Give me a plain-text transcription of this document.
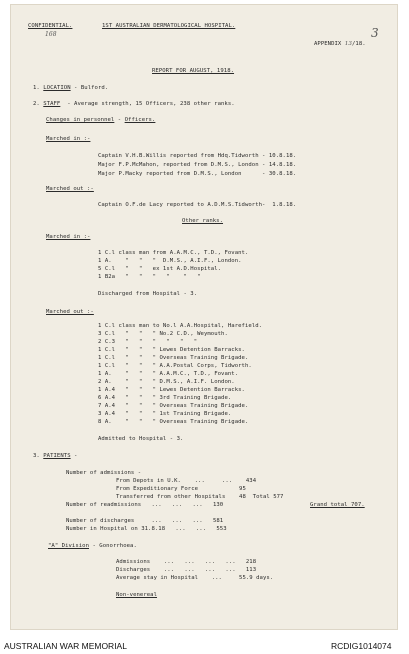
CONFIDENTIAL.	1ST AUSTRALIAN DERMATOLOGICAL HOSPITAL.	3
168
APPENDIX 13/18.
REPORT FOR AUGUST, 1918.
1. LOCATION - Bulford.
2. STAFF - Average strength, 15 Officers, 238 other ranks.
Changes in personnel - Officers.
Marched in :-
Captain V.H.B.Willis reported from Hdq.Tidworth - 10.8.18.
Major F.P.McMahon, reported from D.M.S., London - 14.8.18.
Major P.Macky reported from D.M.S., London      - 30.8.18.
Marched out :-
Captain O.F.de Lacy reported to A.D.M.S.Tidworth-  1.8.18.
Other ranks.
Marched in :-
1 C.l class man from A.A.M.C., T.D., Fovant.
1 A.    "   "   "  D.M.S., A.I.F., London.
5 C.l   "   "   ex 1st A.D.Hospital.
1 B2a   "   "   "   "    "   "
Discharged from Hospital - 3.
Marched out :-
1 C.l class man to No.l A.A.Hospital, Harefield.
3 C.l   "   "   " No.2 C.D., Weymouth.
2 C.3   "   "   "   "   "   "
1 C.l   "   "   " Lewes Detention Barracks.
1 C.l   "   "   " Overseas Training Brigade.
1 C.l   "   "   " A.A.Postal Corps, Tidworth.
1 A.    "   "   " A.A.M.C., T.D., Fovant.
2 A.    "   "   " D.M.S., A.I.F. London.
1 A.4   "   "   " Lewes Detention Barracks.
6 A.4   "   "   " 3rd Training Brigade.
7 A.4   "   "   " Overseas Training Brigade.
3 A.4   "   "   " 1st Training Brigade.
8 A.    "   "   " Overseas Training Brigade.
Admitted to Hospital - 3.
3. PATIENTS -
Number of admissions -
From Depots in U.K.    ...     ...    434
From Expeditionary Force            95
Transferred from other Hospitals    48  Total 577
Number of readmissions   ...   ...   ...   130	Grand total 707.
Number of discharges     ...   ...   ...   581
Number in Hospital on 31.8.18   ...   ...   553
"A" Division - Gonorrhoea.
Admissions    ...   ...   ...   ...   218
Discharges    ...   ...   ...   ...   113
Average stay in Hospital    ...     55.9 days.
Non-venereal
AUSTRALIAN WAR MEMORIAL	RCDIG1014074
